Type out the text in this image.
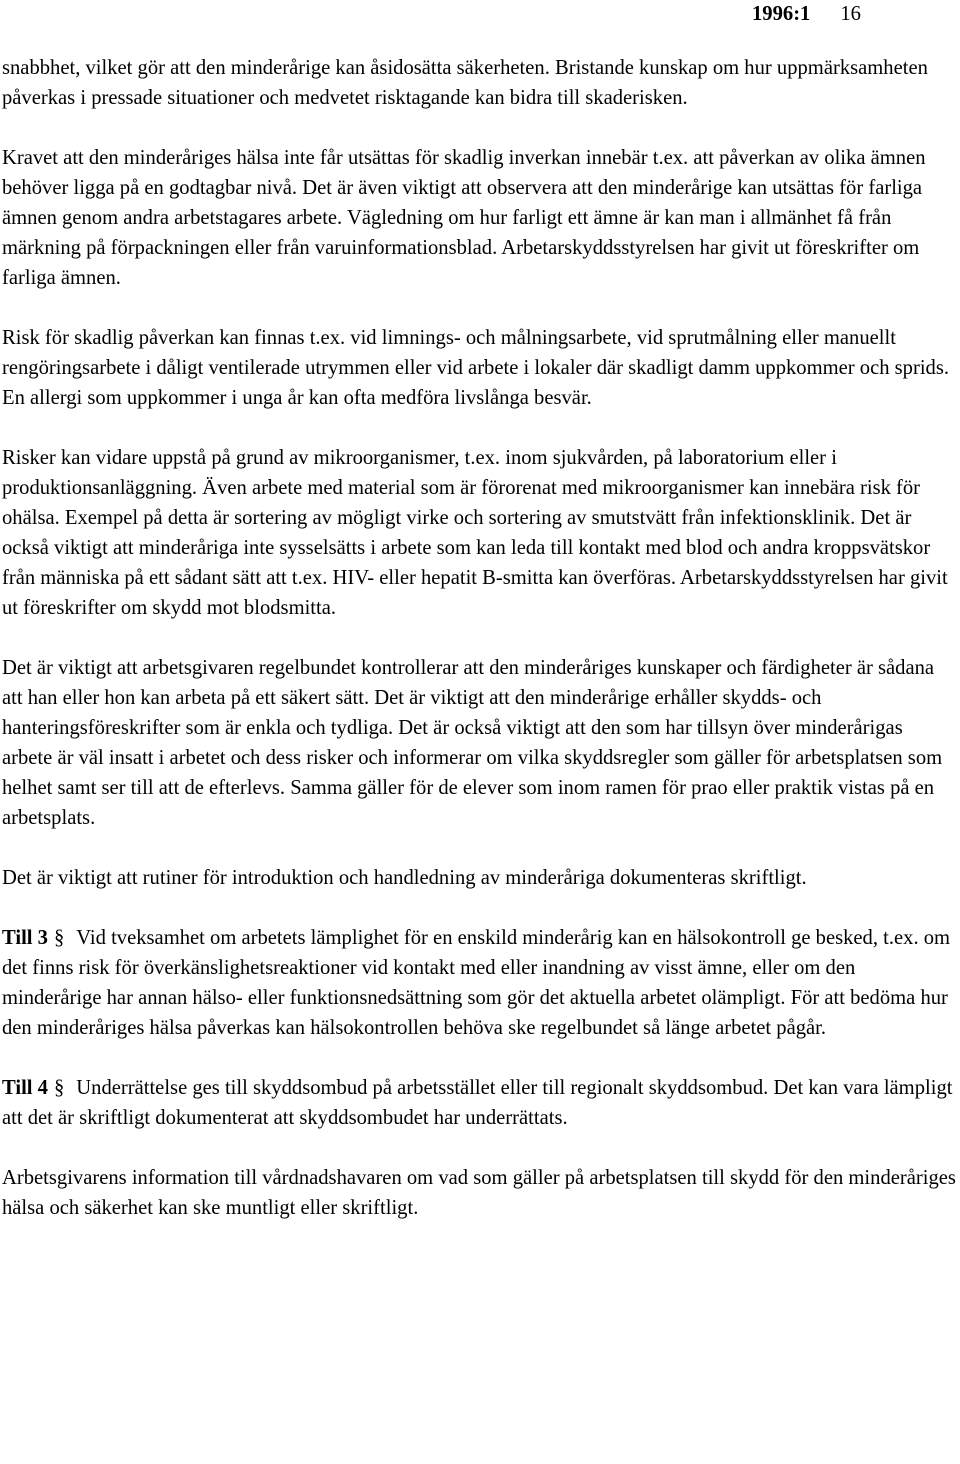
1996:1 16

snabbhet, vilket gör att den minderårige kan åsidosätta säkerheten. Bristande kunskap om hur uppmärksamheten påverkas i pressade situationer och medvetet risktagande kan bidra till skaderisken.

Kravet att den minderåriges hälsa inte får utsättas för skadlig inverkan innebär t.ex. att påverkan av olika ämnen behöver ligga på en godtagbar nivå. Det är även viktigt att observera att den minderårige kan utsättas för farliga ämnen genom andra arbetstagares arbete. Vägledning om hur farligt ett ämne är kan man i allmänhet få från märkning på förpackningen eller från varuinformationsblad. Arbetarskyddsstyrelsen har givit ut föreskrifter om farliga ämnen.

Risk för skadlig påverkan kan finnas t.ex. vid limnings- och målningsarbete, vid sprutmålning eller manuellt rengöringsarbete i dåligt ventilerade utrymmen eller vid arbete i lokaler där skadligt damm uppkommer och sprids. En allergi som uppkommer i unga år kan ofta medföra livslånga besvär.

Risker kan vidare uppstå på grund av mikroorganismer, t.ex. inom sjukvården, på laboratorium eller i produktionsanläggning. Även arbete med material som är förorenat med mikroorganismer kan innebära risk för ohälsa. Exempel på detta är sortering av mögligt virke och sortering av smutstvätt från infektionsklinik. Det är också viktigt att minderåriga inte sysselsätts i arbete som kan leda till kontakt med blod och andra kroppsvätskor från människa på ett sådant sätt att t.ex. HIV- eller hepatit B-smitta kan överföras. Arbetarskyddsstyrelsen har givit ut föreskrifter om skydd mot blodsmitta.

Det är viktigt att arbetsgivaren regelbundet kontrollerar att den minderåriges kunskaper och färdigheter är sådana att han eller hon kan arbeta på ett säkert sätt. Det är viktigt att den minderårige erhåller skydds- och hanteringsföreskrifter som är enkla och tydliga. Det är också viktigt att den som har tillsyn över minderårigas arbete är väl insatt i arbetet och dess risker och informerar om vilka skyddsregler som gäller för arbetsplatsen som helhet samt ser till att de efterlevs. Samma gäller för de elever som inom ramen för prao eller praktik vistas på en arbetsplats.

Det är viktigt att rutiner för introduktion och handledning av minderåriga dokumenteras skriftligt.

Till 3 § Vid tveksamhet om arbetets lämplighet för en enskild minderårig kan en hälsokontroll ge besked, t.ex. om det finns risk för överkänslighetsreaktioner vid kontakt med eller inandning av visst ämne, eller om den minderårige har annan hälso- eller funktionsnedsättning som gör det aktuella arbetet olämpligt. För att bedöma hur den minderåriges hälsa påverkas kan hälsokontrollen behöva ske regelbundet så länge arbetet pågår.

Till 4 § Underrättelse ges till skyddsombud på arbetsstället eller till regionalt skyddsombud. Det kan vara lämpligt att det är skriftligt dokumenterat att skyddsombudet har underrättats.

Arbetsgivarens information till vårdnadshavaren om vad som gäller på arbetsplatsen till skydd för den minderåriges hälsa och säkerhet kan ske muntligt eller skriftligt.
